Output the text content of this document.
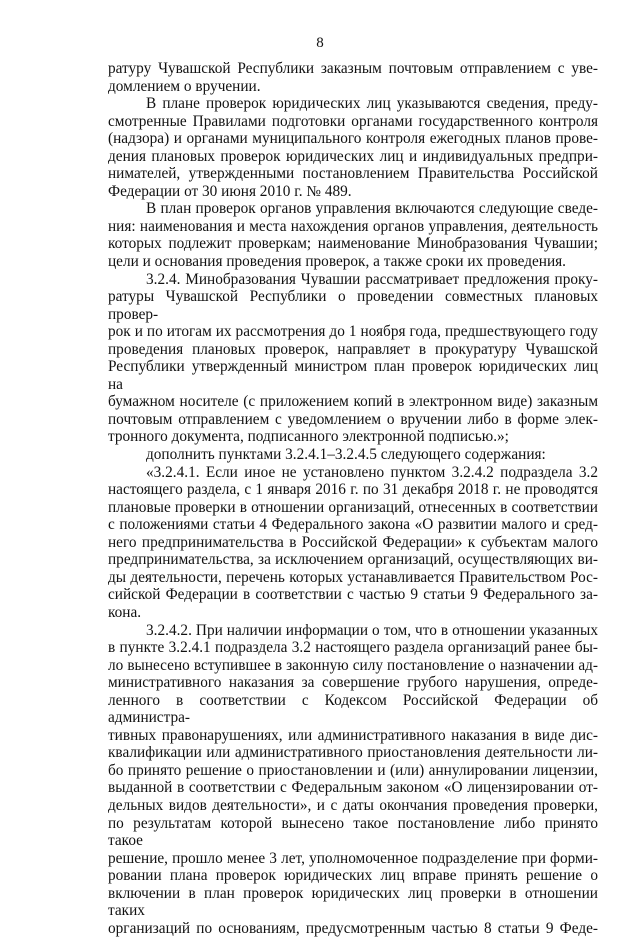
8

ратуру Чувашской Республики заказным почтовым отправлением с уве-
домлением о вручении.

В плане проверок юридических лиц указываются сведения, преду-
смотренные Правилами подготовки органами государственного контроля
(надзора) и органами муниципального контроля ежегодных планов прове-
дения плановых проверок юридических лиц и индивидуальных предпри-
нимателей, утвержденными постановлением Правительства Российской
Федерации от 30 июня 2010 г. № 489.

В план проверок органов управления включаются следующие сведе-
ния: наименования и места нахождения органов управления, деятельность
которых подлежит проверкам; наименование Минобразования Чувашии;
цели и основания проведения проверок, а также сроки их проведения.

3.2.4. Минобразования Чувашии рассматривает предложения проку-
ратуры Чувашской Республики о проведении совместных плановых провер-
рок и по итогам их рассмотрения до 1 ноября года, предшествующего году
проведения плановых проверок, направляет в прокуратуру Чувашской
Республики утвержденный министром план проверок юридических лиц на
бумажном носителе (с приложением копий в электронном виде) заказным
почтовым отправлением с уведомлением о вручении либо в форме элек-
тронного документа, подписанного электронной подписью.»;

дополнить пунктами 3.2.4.1–3.2.4.5 следующего содержания:

«3.2.4.1. Если иное не установлено пунктом 3.2.4.2 подраздела 3.2
настоящего раздела, с 1 января 2016 г. по 31 декабря 2018 г. не проводятся
плановые проверки в отношении организаций, отнесенных в соответствии
с положениями статьи 4 Федерального закона «О развитии малого и сред-
него предпринимательства в Российской Федерации» к субъектам малого
предпринимательства, за исключением организаций, осуществляющих ви-
ды деятельности, перечень которых устанавливается Правительством Рос-
сийской Федерации в соответствии с частью 9 статьи 9 Федерального за-
кона.

3.2.4.2. При наличии информации о том, что в отношении указанных
в пункте 3.2.4.1 подраздела 3.2 настоящего раздела организаций ранее бы-
ло вынесено вступившее в законную силу постановление о назначении ад-
министративного наказания за совершение грубого нарушения, опреде-
ленного в соответствии с Кодексом Российской Федерации об администра-
тивных правонарушениях, или административного наказания в виде дис-
квалификации или административного приостановления деятельности ли-
бо принято решение о приостановлении и (или) аннулировании лицензии,
выданной в соответствии с Федеральным законом «О лицензировании от-
дельных видов деятельности», и с даты окончания проведения проверки,
по результатам которой вынесено такое постановление либо принято такое
решение, прошло менее 3 лет, уполномоченное подразделение при форми-
ровании плана проверок юридических лиц вправе принять решение о
включении в план проверок юридических лиц проверки в отношении таких
организаций по основаниям, предусмотренным частью 8 статьи 9 Феде-
